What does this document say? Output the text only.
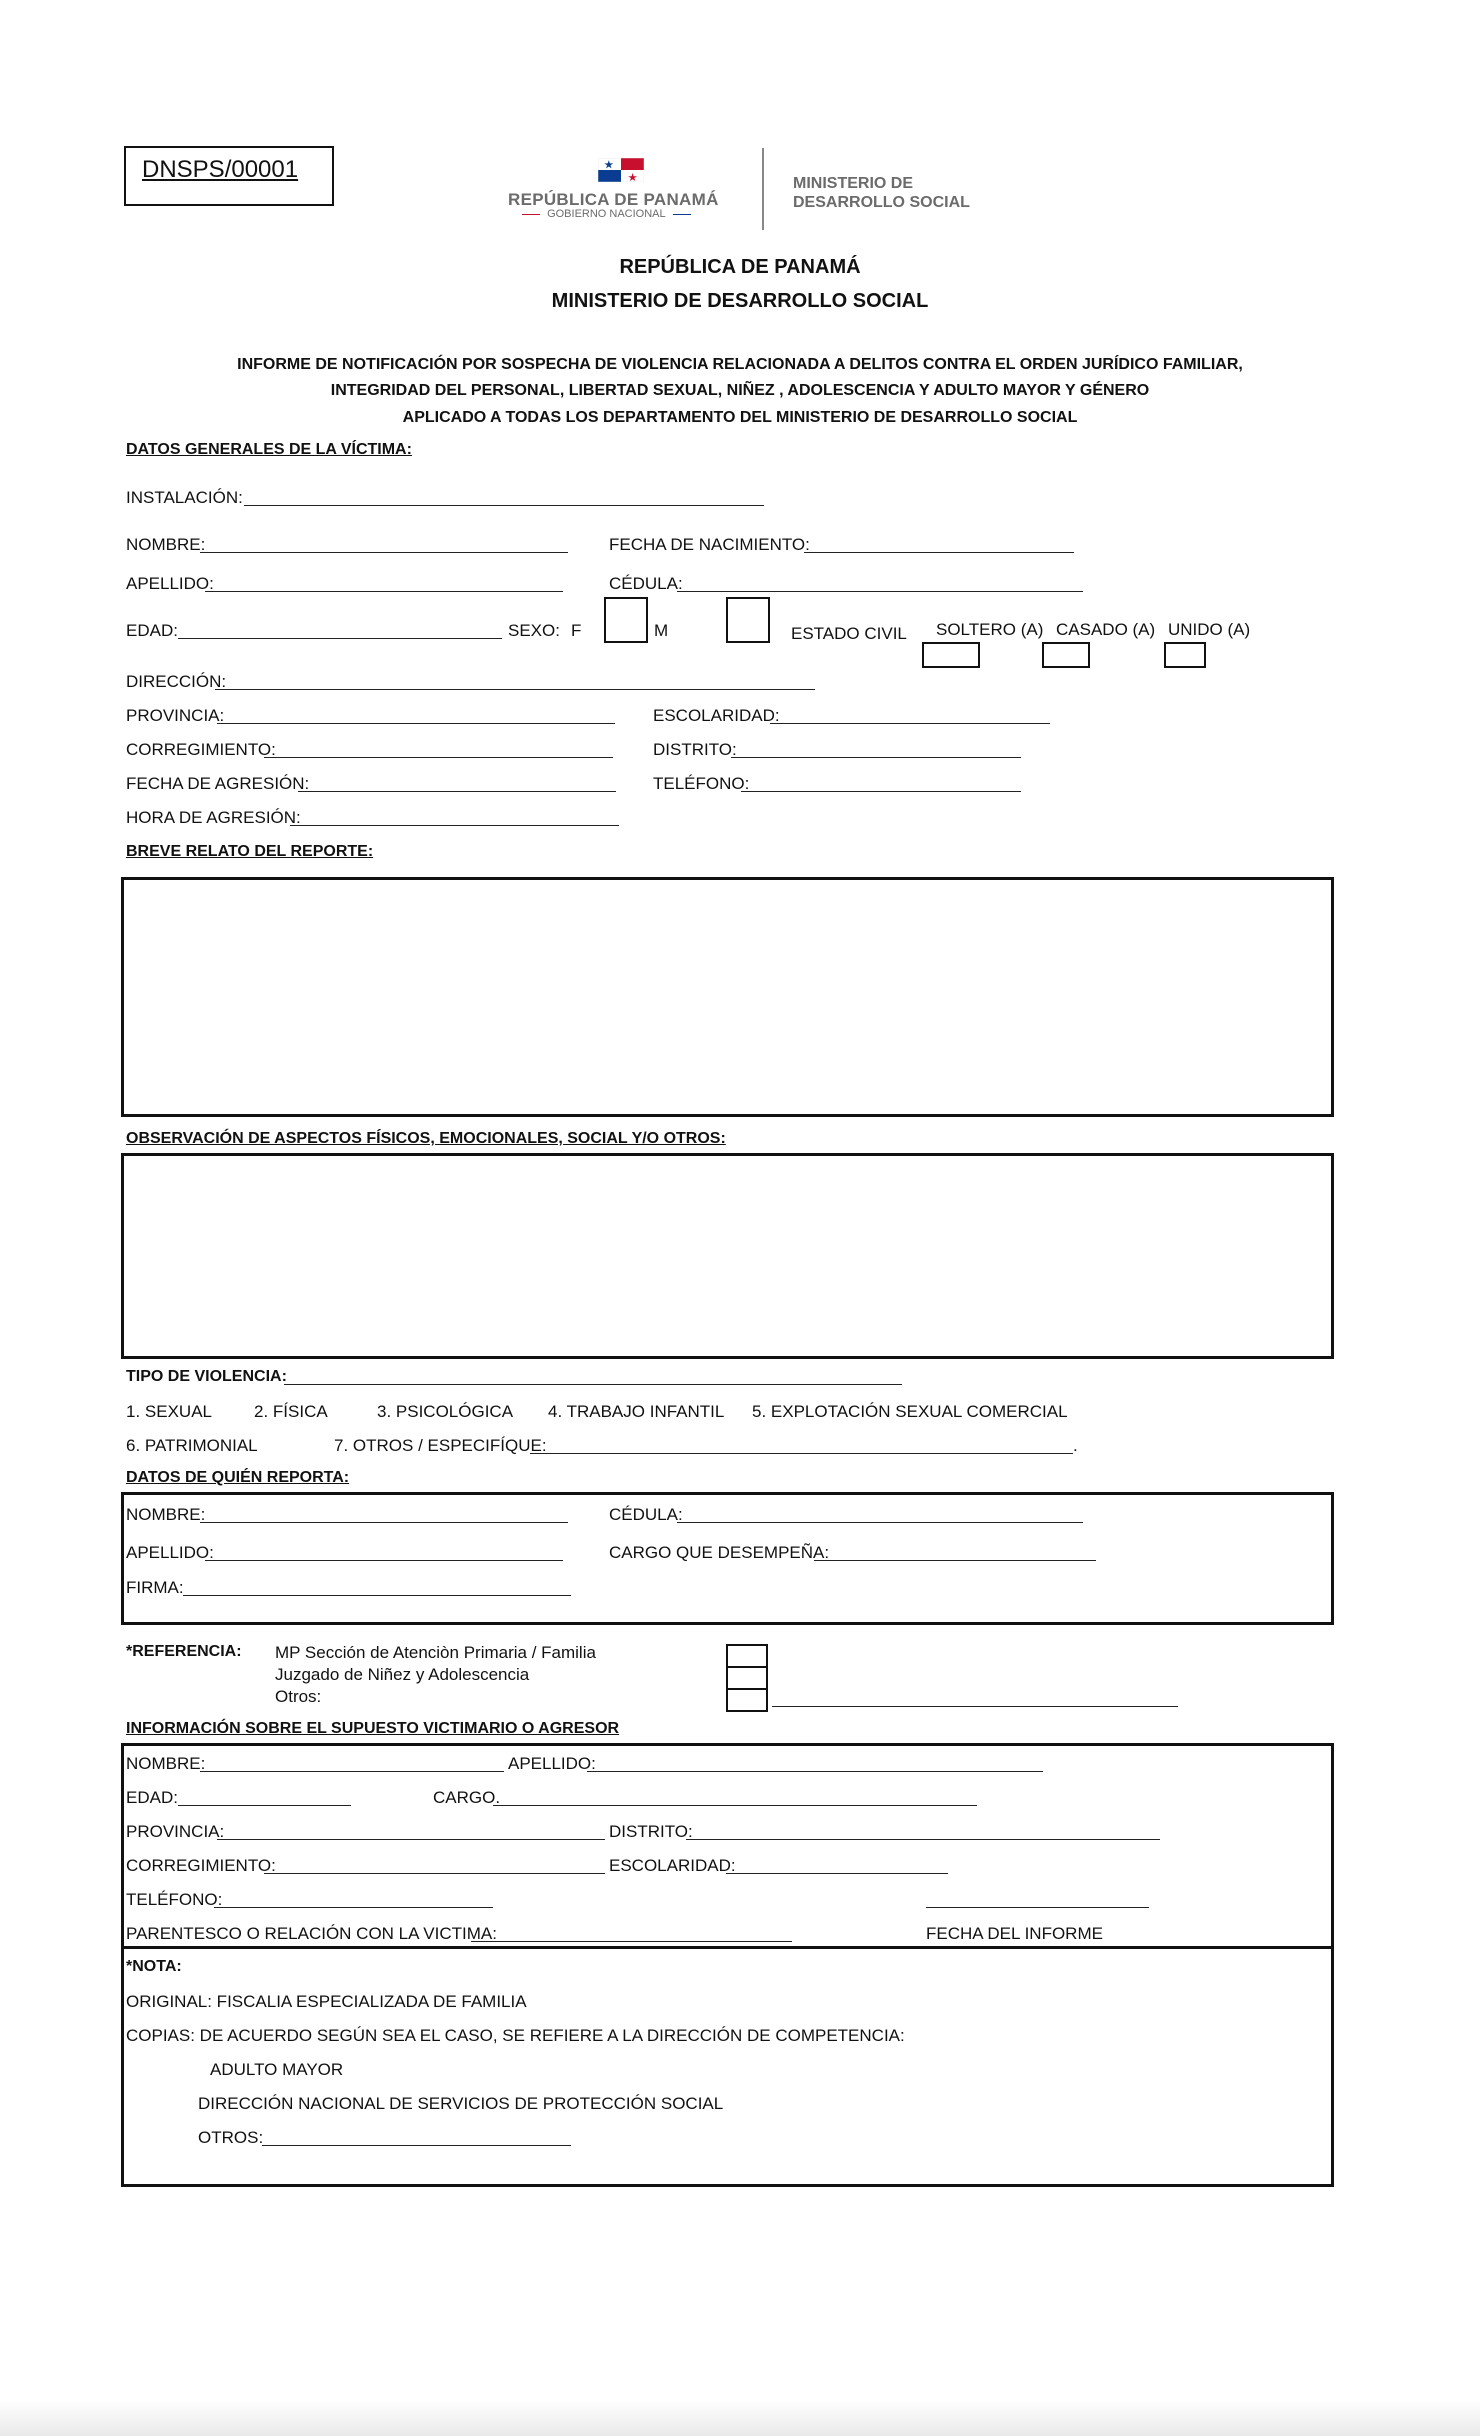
DNSPS/00001
REPÚBLICA DE PANAMÁ
GOBIERNO NACIONAL
MINISTERIO DE
DESARROLLO SOCIAL
REPÚBLICA DE PANAMÁ
MINISTERIO DE DESARROLLO SOCIAL
INFORME DE NOTIFICACIÓN POR SOSPECHA DE VIOLENCIA RELACIONADA A DELITOS CONTRA EL ORDEN JURÍDICO FAMILIAR,
INTEGRIDAD DEL PERSONAL, LIBERTAD SEXUAL, NIÑEZ , ADOLESCENCIA Y ADULTO MAYOR Y GÉNERO
APLICADO A TODAS LOS DEPARTAMENTO DEL MINISTERIO DE DESARROLLO SOCIAL
DATOS GENERALES DE LA VÍCTIMA:
INSTALACIÓN:
NOMBRE:	FECHA DE NACIMIENTO:
APELLIDO:	CÉDULA:
EDAD:	SEXO: F	M	ESTADO CIVIL SOLTERO (A) CASADO (A) UNIDO (A)
DIRECCIÓN:
PROVINCIA:	ESCOLARIDAD:
CORREGIMIENTO:	DISTRITO:
FECHA DE AGRESIÓN:	TELÉFONO:
HORA DE AGRESIÓN:
BREVE RELATO DEL REPORTE:
OBSERVACIÓN DE ASPECTOS FÍSICOS, EMOCIONALES, SOCIAL Y/O OTROS:
TIPO DE VIOLENCIA:
1. SEXUAL 2. FÍSICA	3. PSICOLÓGICA 4. TRABAJO INFANTIL 5. EXPLOTACIÓN SEXUAL COMERCIAL
6. PATRIMONIAL	7. OTROS / ESPECIFÍQUE:	.
DATOS DE QUIÉN REPORTA:
NOMBRE:	CÉDULA:
APELLIDO:	CARGO QUE DESEMPEÑA:
FIRMA:
*REFERENCIA: MP Sección de Atenciòn Primaria / Familia
Juzgado de Niñez y Adolescencia
Otros:
INFORMACIÓN SOBRE EL SUPUESTO VICTIMARIO O AGRESOR
NOMBRE:	APELLIDO:
EDAD:	CARGO.
PROVINCIA:	DISTRITO:
CORREGIMIENTO:	ESCOLARIDAD:
TELÉFONO:
PARENTESCO O RELACIÓN CON LA VICTIMA:	FECHA DEL INFORME
*NOTA:
ORIGINAL: FISCALIA ESPECIALIZADA DE FAMILIA
COPIAS: DE ACUERDO SEGÚN SEA EL CASO, SE REFIERE A LA DIRECCIÓN DE COMPETENCIA:
ADULTO MAYOR
DIRECCIÓN NACIONAL DE SERVICIOS DE PROTECCIÓN SOCIAL
OTROS:
